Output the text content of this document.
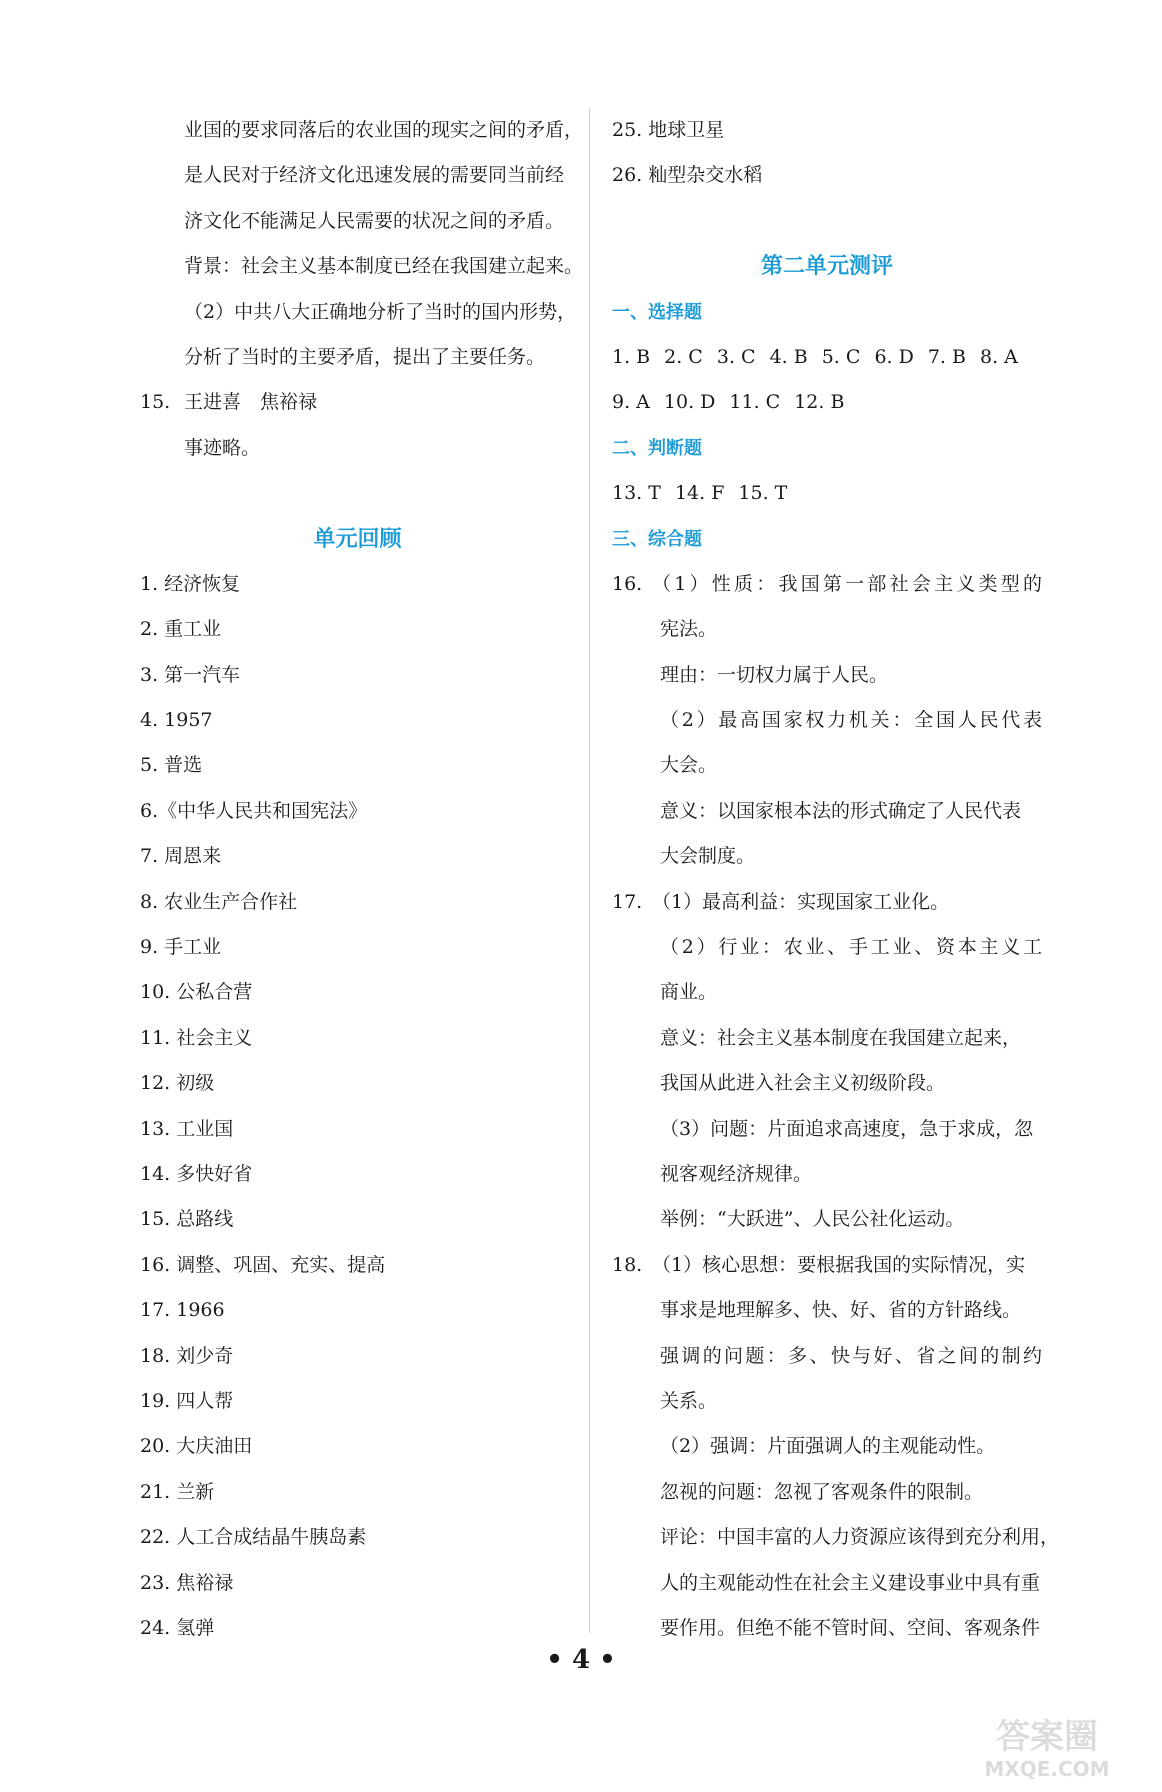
业国的要求同落后的农业国的现实之间的矛盾，
是人民对于经济文化迅速发展的需要同当前经
济文化不能满足人民需要的状况之间的矛盾。
背景：社会主义基本制度已经在我国建立起来。
（2）中共八大正确地分析了当时的国内形势，
分析了当时的主要矛盾，提出了主要任务。
15. 王进喜　焦裕禄
事迹略。
单元回顾
1. 经济恢复
2. 重工业
3. 第一汽车
4. 1957
5. 普选
6.《中华人民共和国宪法》
7. 周恩来
8. 农业生产合作社
9. 手工业
10. 公私合营
11. 社会主义
12. 初级
13. 工业国
14. 多快好省
15. 总路线
16. 调整、巩固、充实、提高
17. 1966
18. 刘少奇
19. 四人帮
20. 大庆油田
21. 兰新
22. 人工合成结晶牛胰岛素
23. 焦裕禄
24. 氢弹
25. 地球卫星
26. 籼型杂交水稻
第二单元测评
一、选择题
1. B 2. C 3. C 4. B 5. C 6. D 7. B 8. A
9. A 10. D 11. C 12. B
二、判断题
13. T 14. F 15. T
三、综合题
16. （1）性质：我国第一部社会主义类型的
宪法。
理由：一切权力属于人民。
（2）最高国家权力机关：全国人民代表
大会。
意义：以国家根本法的形式确定了人民代表
大会制度。
17. （1）最高利益：实现国家工业化。
（2）行业：农业、手工业、资本主义工
商业。
意义：社会主义基本制度在我国建立起来，
我国从此进入社会主义初级阶段。
（3）问题：片面追求高速度，急于求成，忽
视客观经济规律。
举例：“大跃进”、人民公社化运动。
18. （1）核心思想：要根据我国的实际情况，实
事求是地理解多、快、好、省的方针路线。
强调的问题：多、快与好、省之间的制约
关系。
（2）强调：片面强调人的主观能动性。
忽视的问题：忽视了客观条件的限制。
评论：中国丰富的人力资源应该得到充分利用，
人的主观能动性在社会主义建设事业中具有重
要作用。但绝不能不管时间、空间、客观条件
• 4 •
答案圈
MXQE.COM
